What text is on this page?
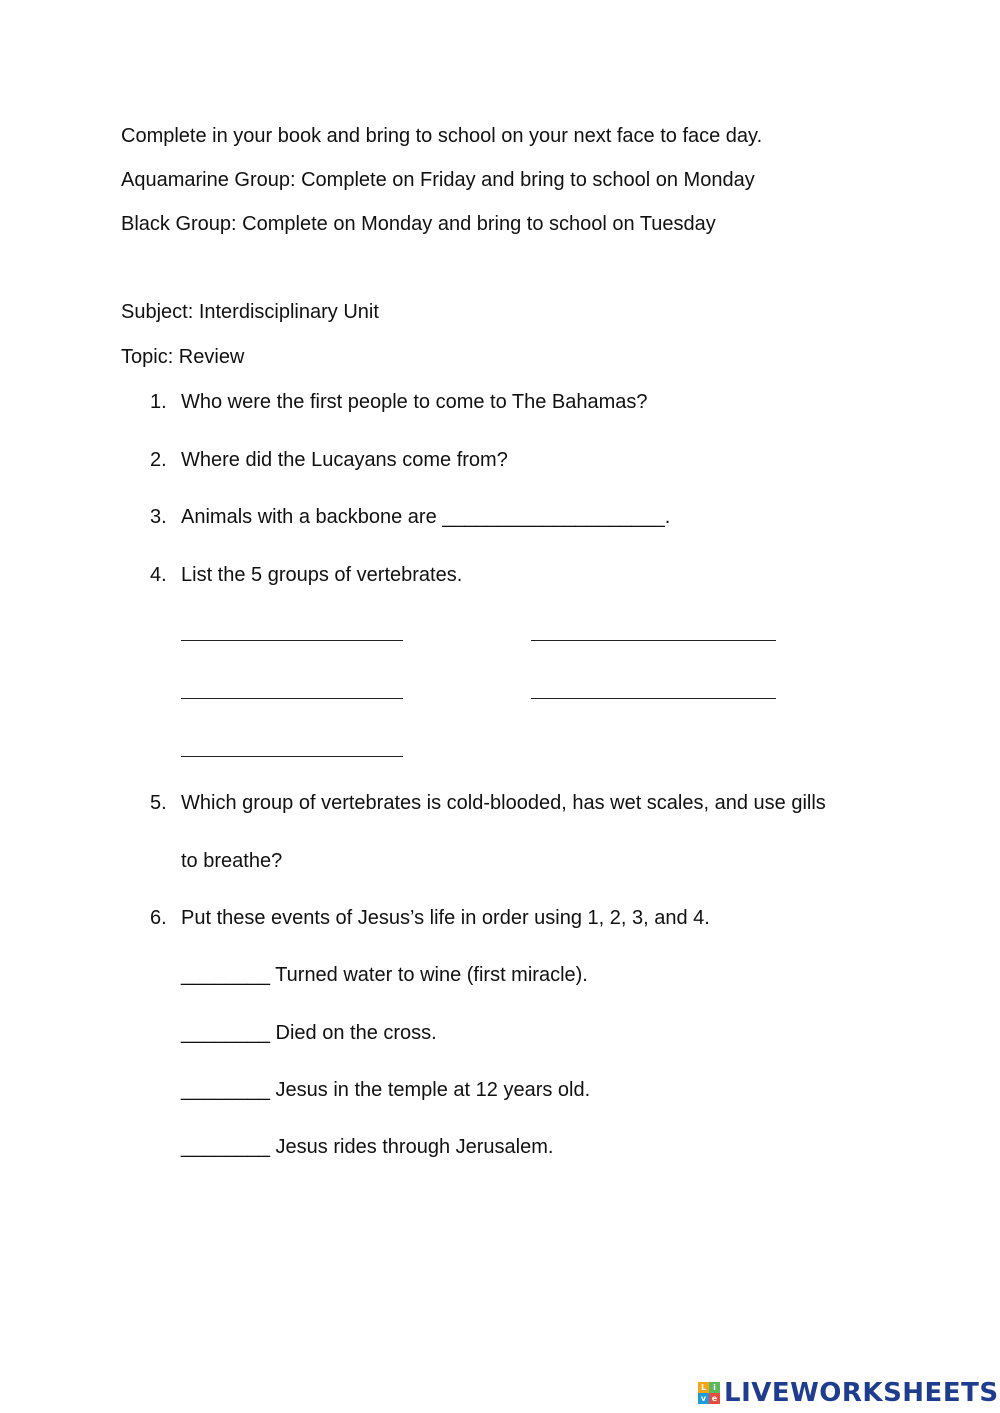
Complete in your book and bring to school on your next face to face day.
Aquamarine Group: Complete on Friday and bring to school on Monday
Black Group: Complete on Monday and bring to school on Tuesday
Subject: Interdisciplinary Unit
Topic: Review
1. Who were the first people to come to The Bahamas?
2. Where did the Lucayans come from?
3. Animals with a backbone are ____________________.
4. List the 5 groups of vertebrates.
5. Which group of vertebrates is cold-blooded, has wet scales, and use gills
to breathe?
6. Put these events of Jesus’s life in order using 1, 2, 3, and 4.
________ Turned water to wine (first miracle).
________ Died on the cross.
________ Jesus in the temple at 12 years old.
________ Jesus rides through Jerusalem.
L i
v e LIVEWORKSHEETS
